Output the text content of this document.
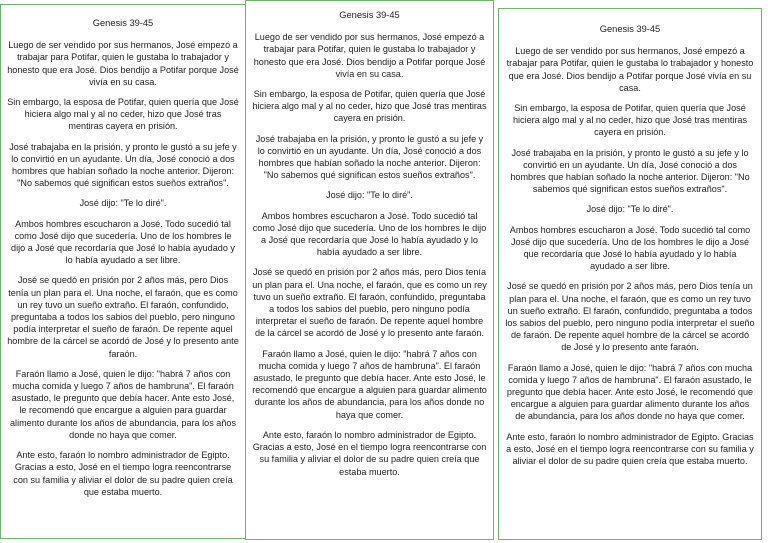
Genesis 39-45

Luego de ser vendido por sus hermanos, José empezó a trabajar para Potifar, quien le gustaba lo trabajador y honesto que era José. Dios bendijo a Potifar porque José vivía en su casa.

Sin embargo, la esposa de Potifar, quien quería que José hiciera algo mal y al no ceder, hizo que José tras mentiras cayera en prisión.

José trabajaba en la prisión, y pronto le gustó a su jefe y lo convirtió en un ayudante. Un día, José conoció a dos hombres que habían soñado la noche anterior. Dijeron: "No sabemos qué significan estos sueños extraños".

José dijo: "Te lo diré".

Ambos hombres escucharon a José. Todo sucedió tal como José dijo que sucedería. Uno de los hombres le dijo a José que recordaría que José lo había ayudado y lo había ayudado a ser libre.

José se quedó en prisión por 2 años más, pero Dios tenía un plan para el. Una noche, el faraón, que es como un rey tuvo un sueño extraño. El faraón, confundido, preguntaba a todos los sabios del pueblo, pero ninguno podía interpretar el sueño de faraón. De repente aquel hombre de la cárcel se acordó de José y lo presento ante faraón.

Faraón llamo a José, quien le dijo: "habrá 7 años con mucha comida y luego 7 años de hambruna". El faraón asustado, le pregunto que debía hacer. Ante esto José, le recomendó que encargue a alguien para guardar alimento durante los años de abundancia, para los años donde no haya que comer.

Ante esto, faraón lo nombro administrador de Egipto. Gracias a esto, José en el tiempo logra reencontrarse con su familia y aliviar el dolor de su padre quien creía que estaba muerto.

Genesis 39-45

Luego de ser vendido por sus hermanos, José empezó a trabajar para Potifar, quien le gustaba lo trabajador y honesto que era José. Dios bendijo a Potifar porque José vivía en su casa.

Sin embargo, la esposa de Potifar, quien quería que José hiciera algo mal y al no ceder, hizo que José tras mentiras cayera en prisión.

José trabajaba en la prisión, y pronto le gustó a su jefe y lo convirtió en un ayudante. Un día, José conoció a dos hombres que habían soñado la noche anterior. Dijeron: "No sabemos qué significan estos sueños extraños".

José dijo: "Te lo diré".

Ambos hombres escucharon a José. Todo sucedió tal como José dijo que sucedería. Uno de los hombres le dijo a José que recordaría que José lo había ayudado y lo había ayudado a ser libre.

José se quedó en prisión por 2 años más, pero Dios tenía un plan para el. Una noche, el faraón, que es como un rey tuvo un sueño extraño. El faraón, confundido, preguntaba a todos los sabios del pueblo, pero ninguno podía interpretar el sueño de faraón. De repente aquel hombre de la cárcel se acordó de José y lo presento ante faraón.

Faraón llamo a José, quien le dijo: "habrá 7 años con mucha comida y luego 7 años de hambruna". El faraón asustado, le pregunto que debía hacer. Ante esto José, le recomendó que encargue a alguien para guardar alimento durante los años de abundancia, para los años donde no haya que comer.

Ante esto, faraón lo nombro administrador de Egipto. Gracias a esto, José en el tiempo logra reencontrarse con su familia y aliviar el dolor de su padre quien creía que estaba muerto.

Genesis 39-45

Luego de ser vendido por sus hermanos, José empezó a trabajar para Potifar, quien le gustaba lo trabajador y honesto que era José. Dios bendijo a Potifar porque José vivía en su casa.

Sin embargo, la esposa de Potifar, quien quería que José hiciera algo mal y al no ceder, hizo que José tras mentiras cayera en prisión.

José trabajaba en la prisión, y pronto le gustó a su jefe y lo convirtió en un ayudante. Un día, José conoció a dos hombres que habían soñado la noche anterior. Dijeron: "No sabemos qué significan estos sueños extraños".

José dijo: "Te lo diré".

Ambos hombres escucharon a José. Todo sucedió tal como José dijo que sucedería. Uno de los hombres le dijo a José que recordaría que José lo había ayudado y lo había ayudado a ser libre.

José se quedó en prisión por 2 años más, pero Dios tenía un plan para el. Una noche, el faraón, que es como un rey tuvo un sueño extraño. El faraón, confundido, preguntaba a todos los sabios del pueblo, pero ninguno podía interpretar el sueño de faraón. De repente aquel hombre de la cárcel se acordó de José y lo presento ante faraón.

Faraón llamo a José, quien le dijo: "habrá 7 años con mucha comida y luego 7 años de hambruna". El faraón asustado, le pregunto que debía hacer. Ante esto José, le recomendó que encargue a alguien para guardar alimento durante los años de abundancia, para los años donde no haya que comer.

Ante esto, faraón lo nombro administrador de Egipto. Gracias a esto, José en el tiempo logra reencontrarse con su familia y aliviar el dolor de su padre quien creía que estaba muerto.
